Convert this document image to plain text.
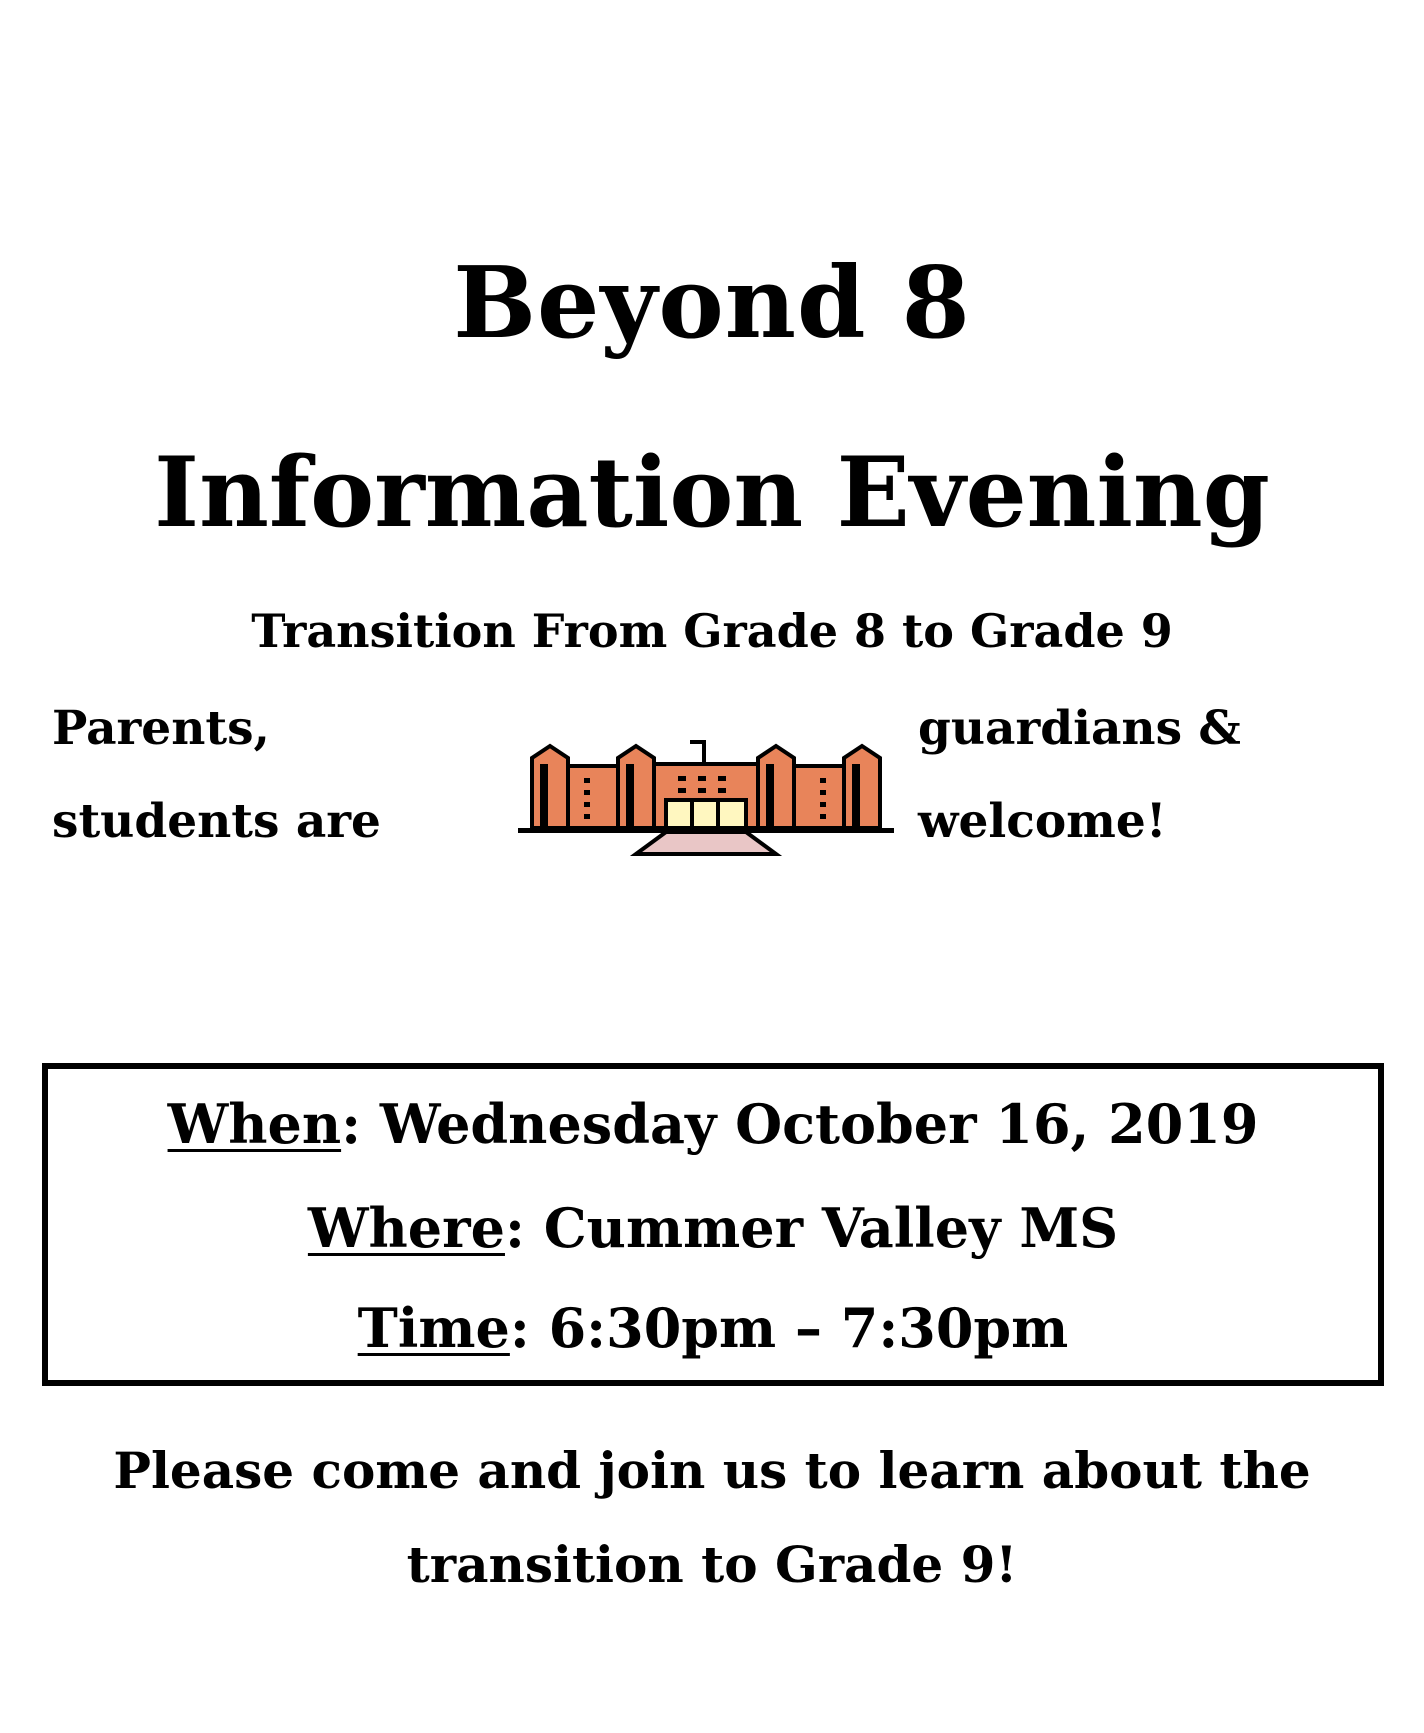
Beyond 8
Information Evening
Transition From Grade 8 to Grade 9
Parents,
students are
guardians &
welcome!
When: Wednesday October 16, 2019
Where: Cummer Valley MS
Time: 6:30pm – 7:30pm
Please come and join us to learn about the
transition to Grade 9!
